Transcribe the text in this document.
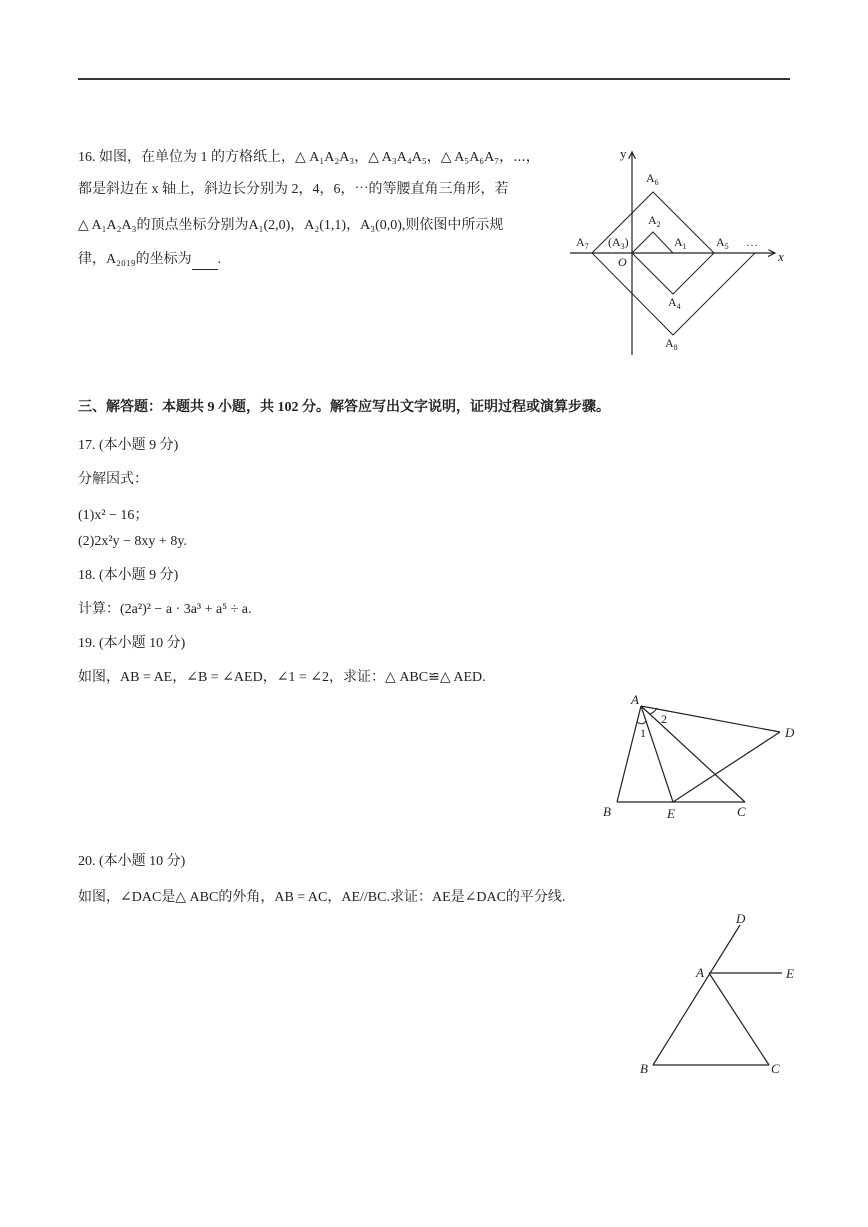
16. 如图，在单位为 1 的方格纸上，△ A₁A₂A₃，△ A₃A₄A₅，△ A₅A₆A₇，⋯，
都是斜边在 x 轴上，斜边长分别为 2，4，6，⋯的等腰直角三角形，若
△ A₁A₂A₃的顶点坐标分别为A₁(2,0)，A₂(1,1)，A₃(0,0),则依图中所示规
律，A₂₀₁₉的坐标为 .
y
x
O
$A_6$
$A_2$
$A_7$ $(A_3)$	$A_1$ $A_5$ …
$A_4$
$A_8$
三、解答题：本题共 9 小题，共 102 分。解答应写出文字说明，证明过程或演算步骤。
17. (本小题 9 分)
分解因式：
(1)x² − 16；
(2)2x²y − 8xy + 8y.
18. (本小题 9 分)
计算：(2a²)² − a · 3a³ + a⁵ ÷ a.
19. (本小题 10 分)
如图，AB = AE，∠B = ∠AED，∠1 = ∠2，求证：△ ABC≌△ AED.
A
1
2
D
B	E	C
20. (本小题 10 分)
如图，∠DAC是△ ABC的外角，AB = AC，AE//BC.求证：AE是∠DAC的平分线.
D
A	E
B	C
